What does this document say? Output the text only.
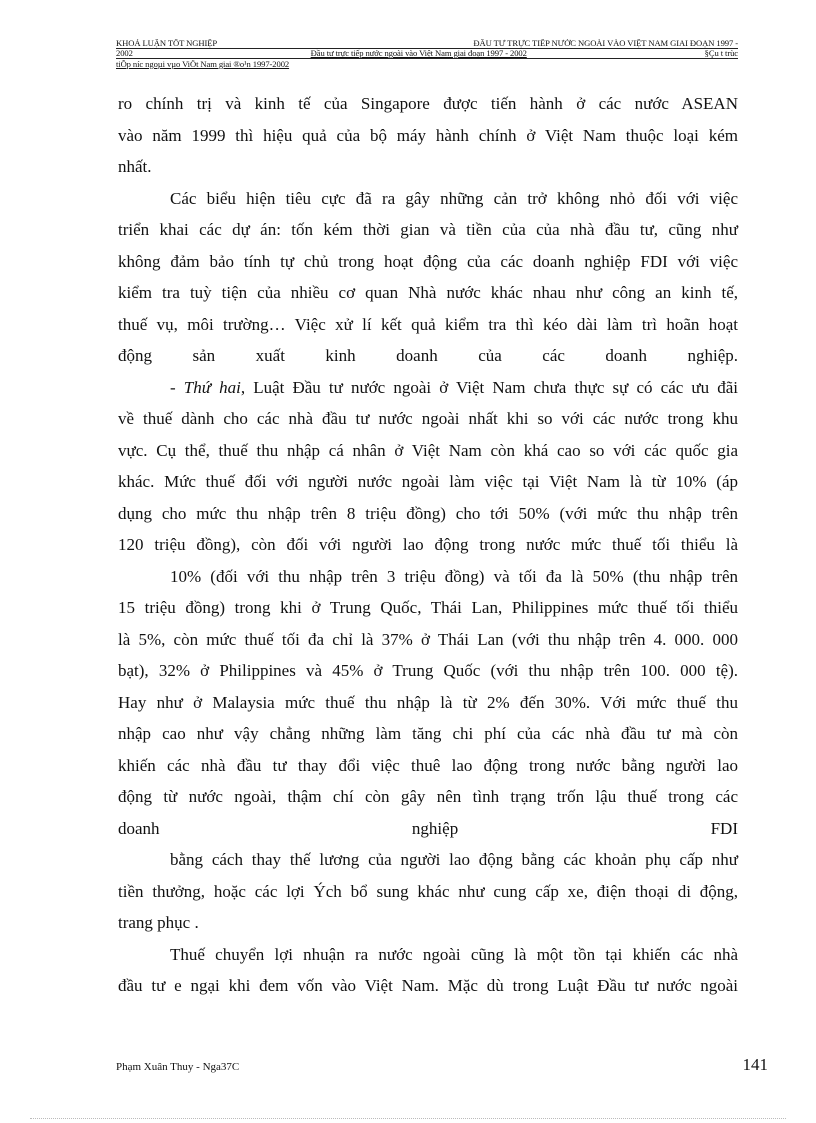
KHOÁ LUẬN TỐT NGHIỆP	ĐẦU TƯ TRỰC TIẾP NƯỚC NGOÀI VÀO VIỆT NAM GIAI ĐOẠN 1997 -
2002	Đầu tư trực tiếp nước ngoài vào Việt Nam giai đoạn 1997 - 2002	§Çu t trùc
tiÕp níc ngoµi vµo ViÖt Nam giai ®o¹n 1997-2002

ro chính trị và kinh tế của Singapore được tiến hành ở các nước ASEAN

vào năm 1999 thì hiệu quả của bộ máy hành chính ở Việt Nam thuộc loại kém

nhất.

Các biểu hiện tiêu cực đã ra gây những cản trở không nhỏ đối với việc

triển khai các dự án: tốn kém thời gian và tiền của của nhà đầu tư, cũng như

không đảm bảo tính tự chủ trong hoạt động của các doanh nghiệp FDI với việc

kiểm tra tuỳ tiện của nhiều cơ quan Nhà nước khác nhau như công an kinh tế,

thuế vụ, môi trường… Việc xử lí kết quả kiểm tra thì kéo dài làm trì hoãn hoạt

động sản xuất kinh doanh của các doanh nghiệp.

- Thứ hai, Luật Đầu tư nước ngoài ở Việt Nam chưa thực sự có các ưu đãi

về thuế dành cho các nhà đầu tư nước ngoài nhất khi so với các nước trong khu

vực. Cụ thể, thuế thu nhập cá nhân ở Việt Nam còn khá cao so với các quốc gia

khác. Mức thuế đối với người nước ngoài làm việc tại Việt Nam là từ 10% (áp

dụng cho mức thu nhập trên 8 triệu đồng) cho tới 50% (với mức thu nhập trên

120 triệu đồng), còn đối với người lao động trong nước mức thuế tối thiểu là

10% (đối với thu nhập trên 3 triệu đồng) và tối đa là 50% (thu nhập trên

15 triệu đồng) trong khi ở Trung Quốc, Thái Lan, Philippines mức thuế tối thiểu

là 5%, còn mức thuế tối đa chỉ là 37% ở Thái Lan (với thu nhập trên 4. 000. 000

bạt), 32% ở Philippines và 45% ở Trung Quốc (với thu nhập trên 100. 000 tệ).

Hay như ở Malaysia mức thuế thu nhập là từ 2% đến 30%. Với mức thuế thu

nhập cao như vậy chẳng những làm tăng chi phí của các nhà đầu tư mà còn

khiến các nhà đầu tư thay đổi việc thuê lao động trong nước bằng người lao

động từ nước ngoài, thậm chí còn gây nên tình trạng trốn lậu thuế trong các

doanh nghiệp FDI

bằng cách thay thế lương của người lao động bằng các khoản phụ cấp như

tiền thưởng, hoặc các lợi Ých bổ sung khác như cung cấp xe, điện thoại di động,

trang phục .

Thuế chuyển lợi nhuận ra nước ngoài cũng là một tồn tại khiến các nhà

đầu tư e ngại khi đem vốn vào Việt Nam. Mặc dù trong Luật Đầu tư nước ngoài

Phạm Xuân Thuy - Nga37C	141
